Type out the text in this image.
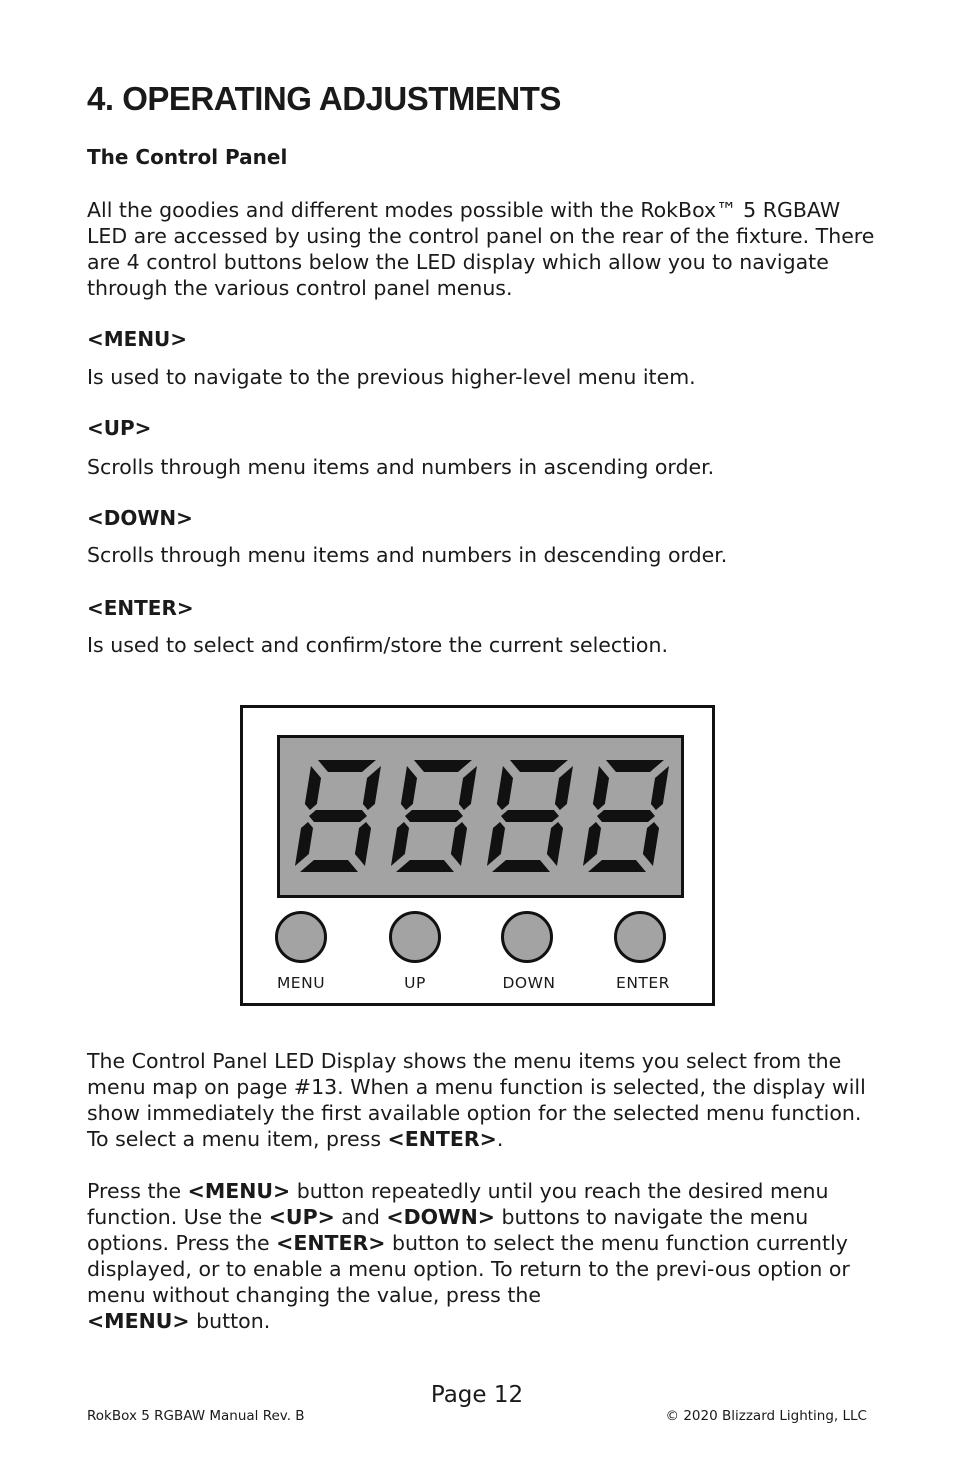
4. OPERATING ADJUSTMENTS

The Control Panel

All the goodies and different modes possible with the RokBox™ 5 RGBAW LED are accessed by using the control panel on the rear of the fixture. There are 4 control buttons below the LED display which allow you to navigate through the various control panel menus.

<MENU>

Is used to navigate to the previous higher-level menu item.

<UP>

Scrolls through menu items and numbers in ascending order.

<DOWN>

Scrolls through menu items and numbers in descending order.

<ENTER>

Is used to select and confirm/store the current selection.

MENU	UP	DOWN	ENTER

The Control Panel LED Display shows the menu items you select from the menu map on page #13. When a menu function is selected, the display will show immediately the first available option for the selected menu function. To select a menu item, press <ENTER>.

Press the <MENU> button repeatedly until you reach the desired menu function. Use the <UP> and <DOWN> buttons to navigate the menu options. Press the <ENTER> button to select the menu function currently displayed, or to enable a menu option. To return to the previ-ous option or menu without changing the value, press the
<MENU> button.

Page 12
RokBox 5 RGBAW Manual Rev. B	© 2020 Blizzard Lighting, LLC
